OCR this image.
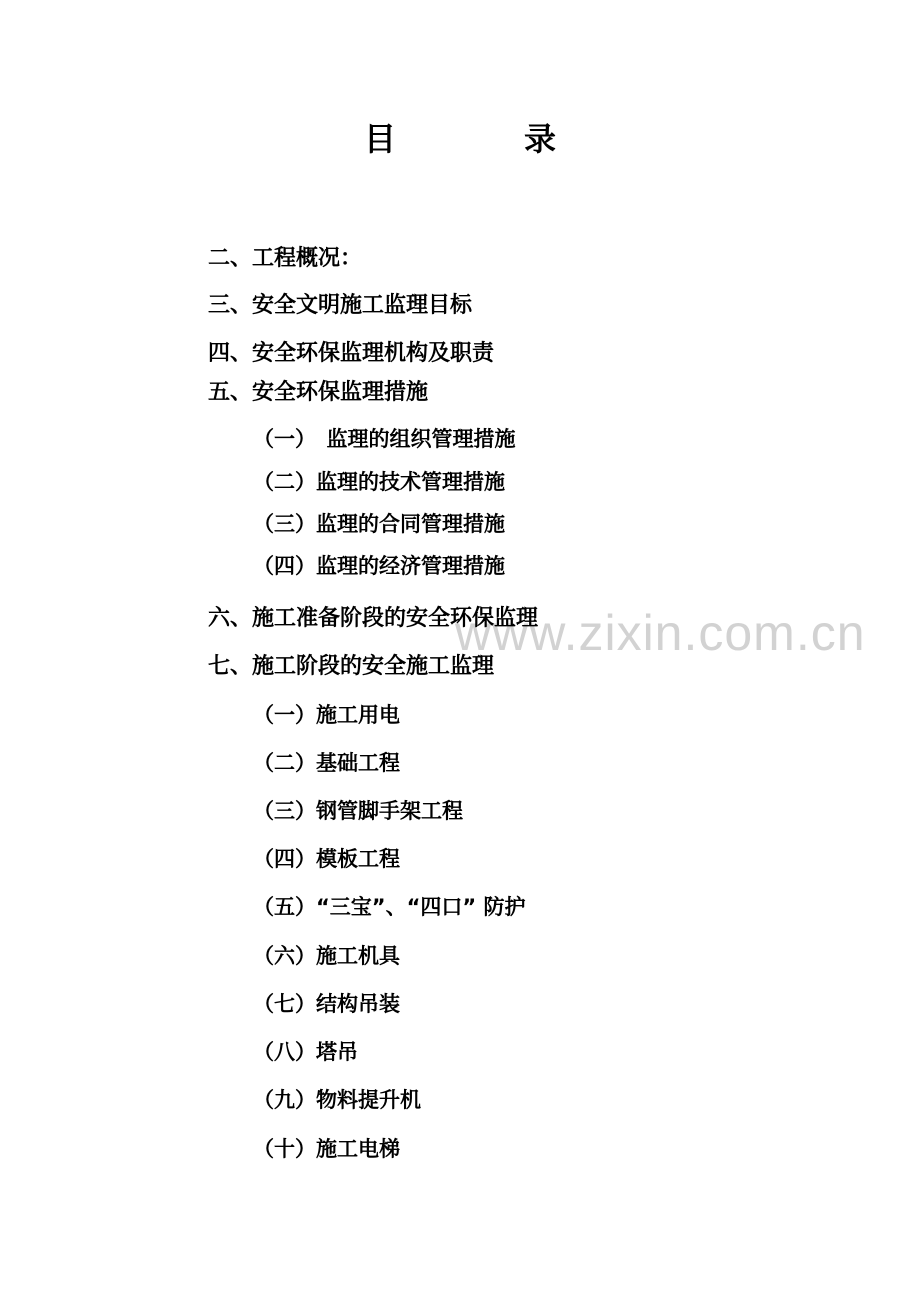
www.zixin.com.cn
目　录
二、工程概况：
三、安全文明施工监理目标
四、安全环保监理机构及职责
五、安全环保监理措施
（一）　监理的组织管理措施
（二）监理的技术管理措施
（三）监理的合同管理措施
（四）监理的经济管理措施
六、施工准备阶段的安全环保监理
七、施工阶段的安全施工监理
（一）施工用电
（二）基础工程
（三）钢管脚手架工程
（四）模板工程
（五）“三宝”、“四口” 防护
（六）施工机具
（七）结构吊装
（八）塔吊
（九）物料提升机
（十）施工电梯
